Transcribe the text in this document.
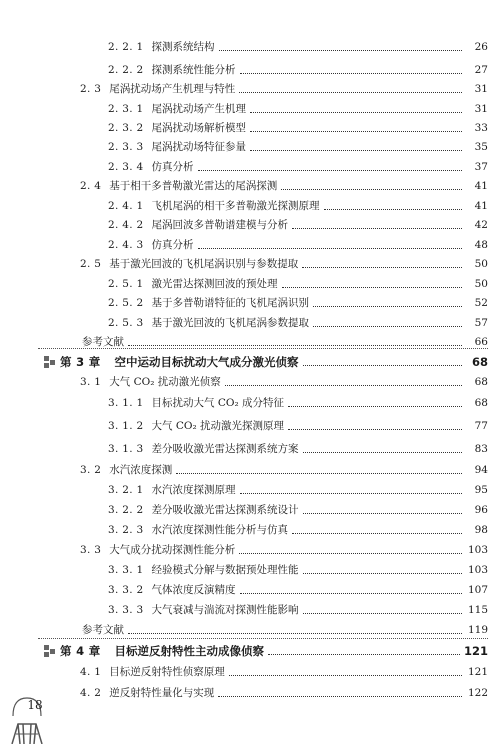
2. 2. 1 探测系统结构	26
2. 2. 2 探测系统性能分析	27
2. 3 尾涡扰动场产生机理与特性	31
2. 3. 1 尾涡扰动场产生机理	31
2. 3. 2 尾涡扰动场解析模型	33
2. 3. 3 尾涡扰动场特征参量	35
2. 3. 4 仿真分析	37
2. 4 基于相干多普勒激光雷达的尾涡探测	41
2. 4. 1 飞机尾涡的相干多普勒激光探测原理	41
2. 4. 2 尾涡回波多普勒谱建模与分析	42
2. 4. 3 仿真分析	48
2. 5 基于激光回波的飞机尾涡识别与参数提取	50
2. 5. 1 激光雷达探测回波的预处理	50
2. 5. 2 基于多普勒谱特征的飞机尾涡识别	52
2. 5. 3 基于激光回波的飞机尾涡参数提取	57
参考文献	66
第 3 章 空中运动目标扰动大气成分激光侦察	68
3. 1 大气 CO₂ 扰动激光侦察	68
3. 1. 1 目标扰动大气 CO₂ 成分特征	68
3. 1. 2 大气 CO₂ 扰动激光探测原理	77
3. 1. 3 差分吸收激光雷达探测系统方案	83
3. 2 水汽浓度探测	94
3. 2. 1 水汽浓度探测原理	95
3. 2. 2 差分吸收激光雷达探测系统设计	96
3. 2. 3 水汽浓度探测性能分析与仿真	98
3. 3 大气成分扰动探测性能分析	103
3. 3. 1 经验模式分解与数据预处理性能	103
3. 3. 2 气体浓度反演精度	107
3. 3. 3 大气衰减与湍流对探测性能影响	115
参考文献	119
第 4 章 目标逆反射特性主动成像侦察	121
4. 1 目标逆反射特性侦察原理	121
4. 2 逆反射特性量化与实现	122
18
